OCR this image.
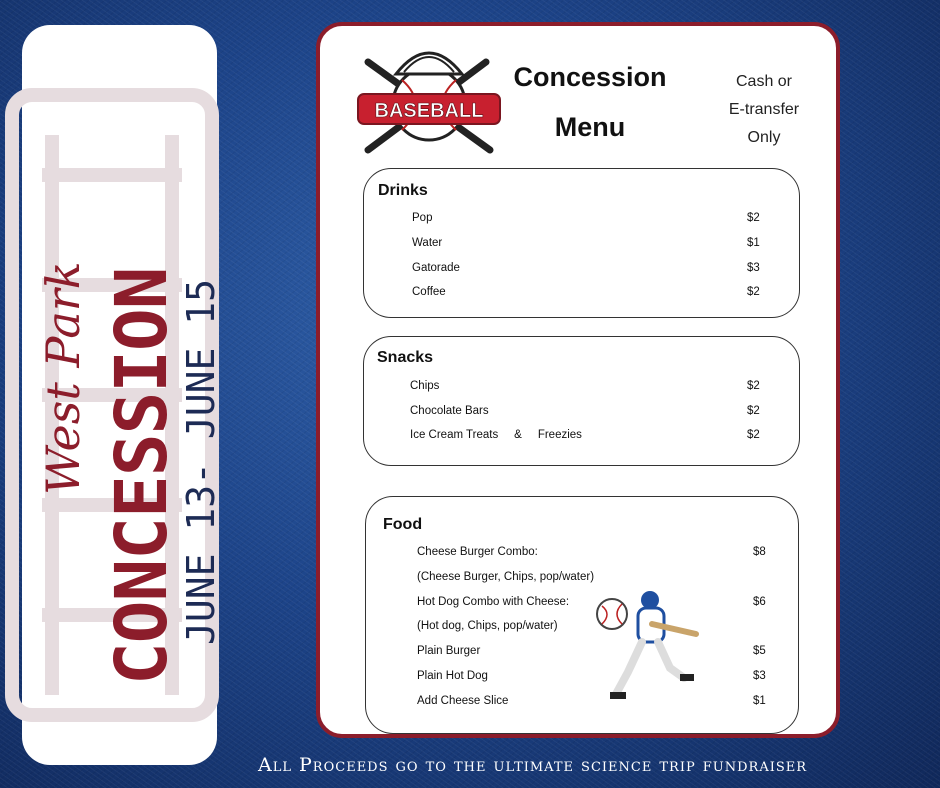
West Park CONCESSION
JUNE 13- JUNE 15
BASEBALL
Concession
Menu
Cash or
E-transfer
Only
Drinks
Pop	$2
Water	$1
Gatorade	$3
Coffee	$2
Snacks
Chips	$2
Chocolate Bars	$2
Ice Cream Treats     &     Freezies	$2
Food
Cheese Burger Combo:	$8
(Cheese Burger, Chips, pop/water)
Hot Dog Combo with Cheese:	$6
(Hot dog, Chips, pop/water)
Plain Burger	$5
Plain Hot Dog	$3
Add Cheese Slice	$1
All Proceeds go to the ultimate science trip fundraiser
